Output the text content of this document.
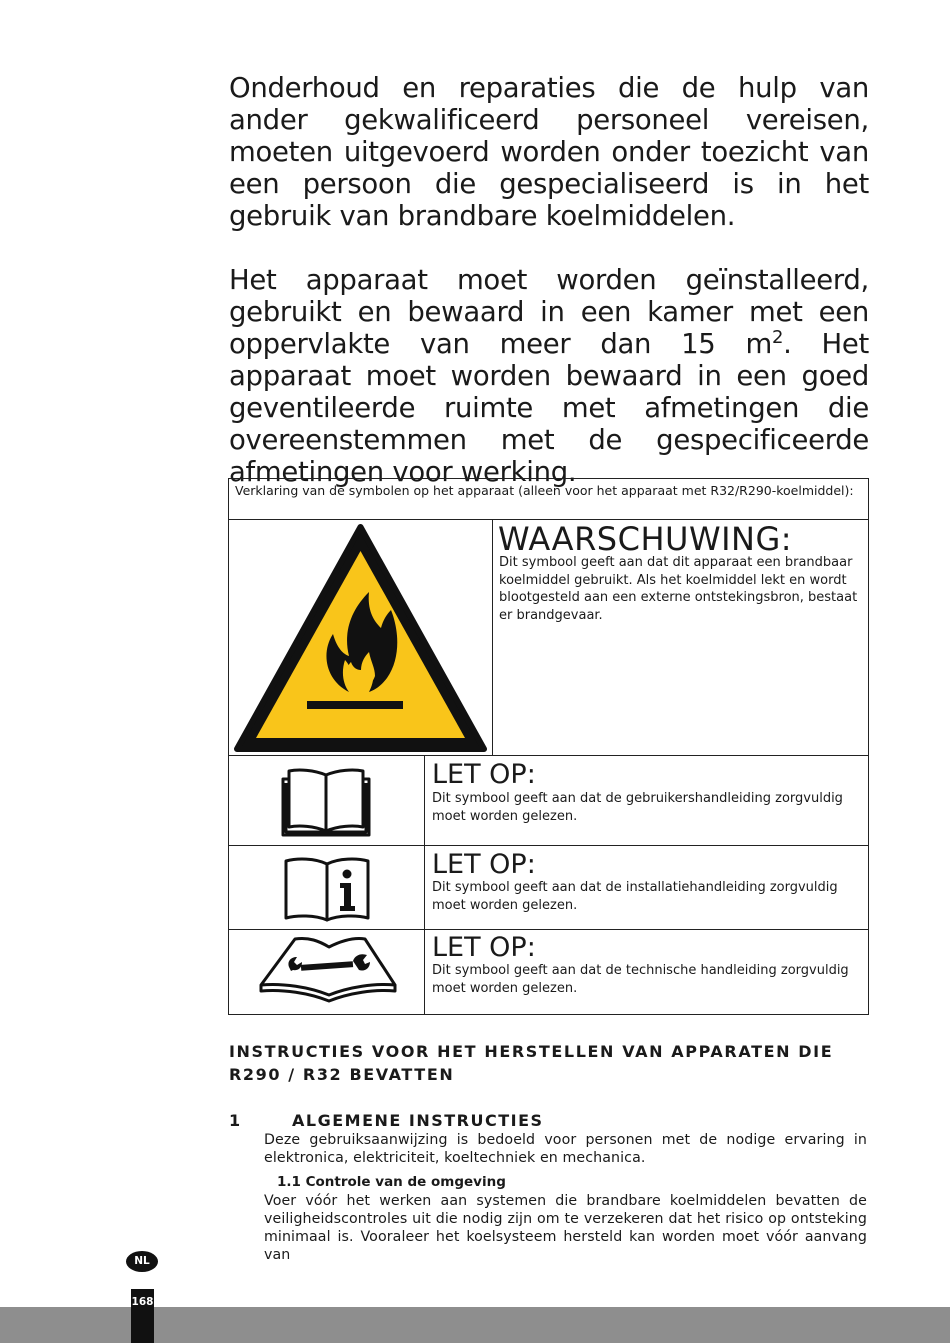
Onderhoud en reparaties die de hulp van ander gekwalificeerd personeel vereisen, moeten uitgevoerd worden onder toezicht van een persoon die gespecialiseerd is in het gebruik van brandbare koelmiddelen.

Het apparaat moet worden geïnstalleerd, gebruikt en bewaard in een kamer met een oppervlakte van meer dan 15 $m^2$. Het apparaat moet worden bewaard in een goed geventileerde ruimte met afmetingen die overeenstemmen met de gespecificeerde afmetingen voor werking.

Verklaring van de symbolen op het apparaat (alleen voor het apparaat met R32/R290-koelmiddel):
WAARSCHUWING:
Dit symbool geeft aan dat dit apparaat een brandbaar koelmiddel gebruikt. Als het koelmiddel lekt en wordt blootgesteld aan een externe ontstekingsbron, bestaat er brandgevaar.
LET OP:
Dit symbool geeft aan dat de gebruikershandleiding zorgvuldig moet worden gelezen.
LET OP:
Dit symbool geeft aan dat de installatiehandleiding zorgvuldig moet worden gelezen.
LET OP:
Dit symbool geeft aan dat de technische handleiding zorgvuldig moet worden gelezen.
INSTRUCTIES VOOR HET HERSTELLEN VAN APPARATEN DIE R290 / R32 BEVATTEN
1	ALGEMENE INSTRUCTIES
Deze gebruiksaanwijzing is bedoeld voor personen met de nodige ervaring in elektronica, elektriciteit, koeltechniek en mechanica.
1.1 Controle van de omgeving
Voer vóór het werken aan systemen die brandbare koelmiddelen bevatten de veiligheidscontroles uit die nodig zijn om te verzekeren dat het risico op ontsteking minimaal is. Vooraleer het koelsysteem hersteld kan worden moet vóór aanvang van
NL
168
